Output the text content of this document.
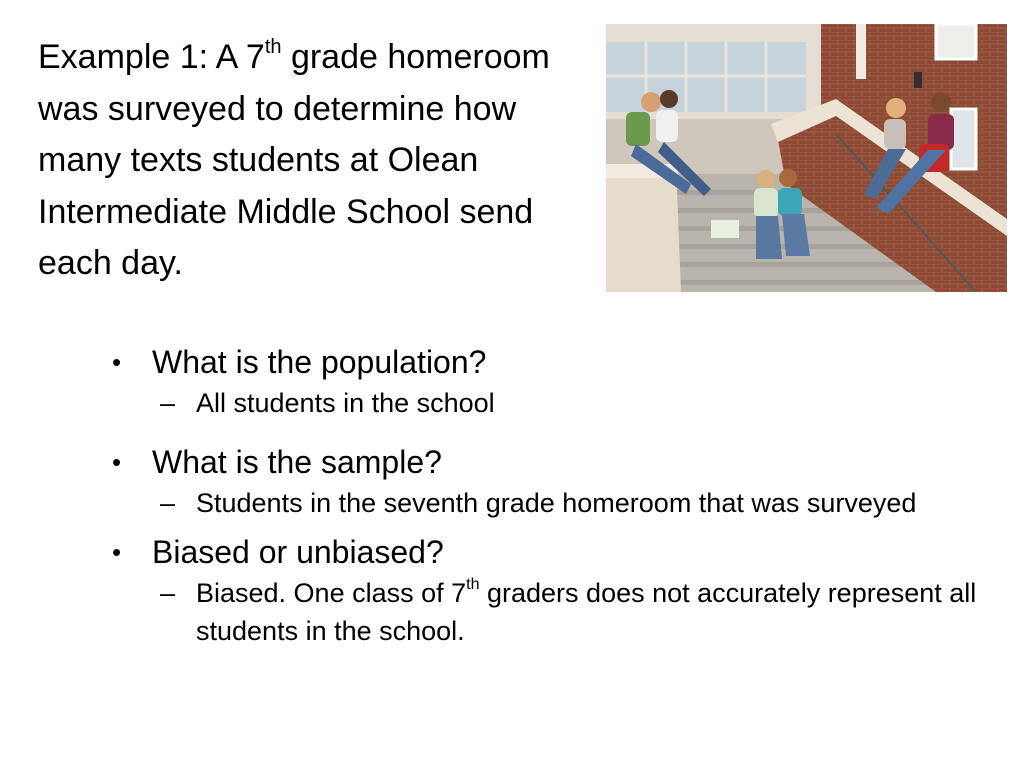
Example 1: A 7th grade homeroom was surveyed to determine how many texts students at Olean Intermediate Middle School send each day.

• What is the population?

– All students in the school

• What is the sample?

– Students in the seventh grade homeroom that was surveyed

• Biased or unbiased?

– Biased. One class of 7th graders does not accurately represent all students in the school.
